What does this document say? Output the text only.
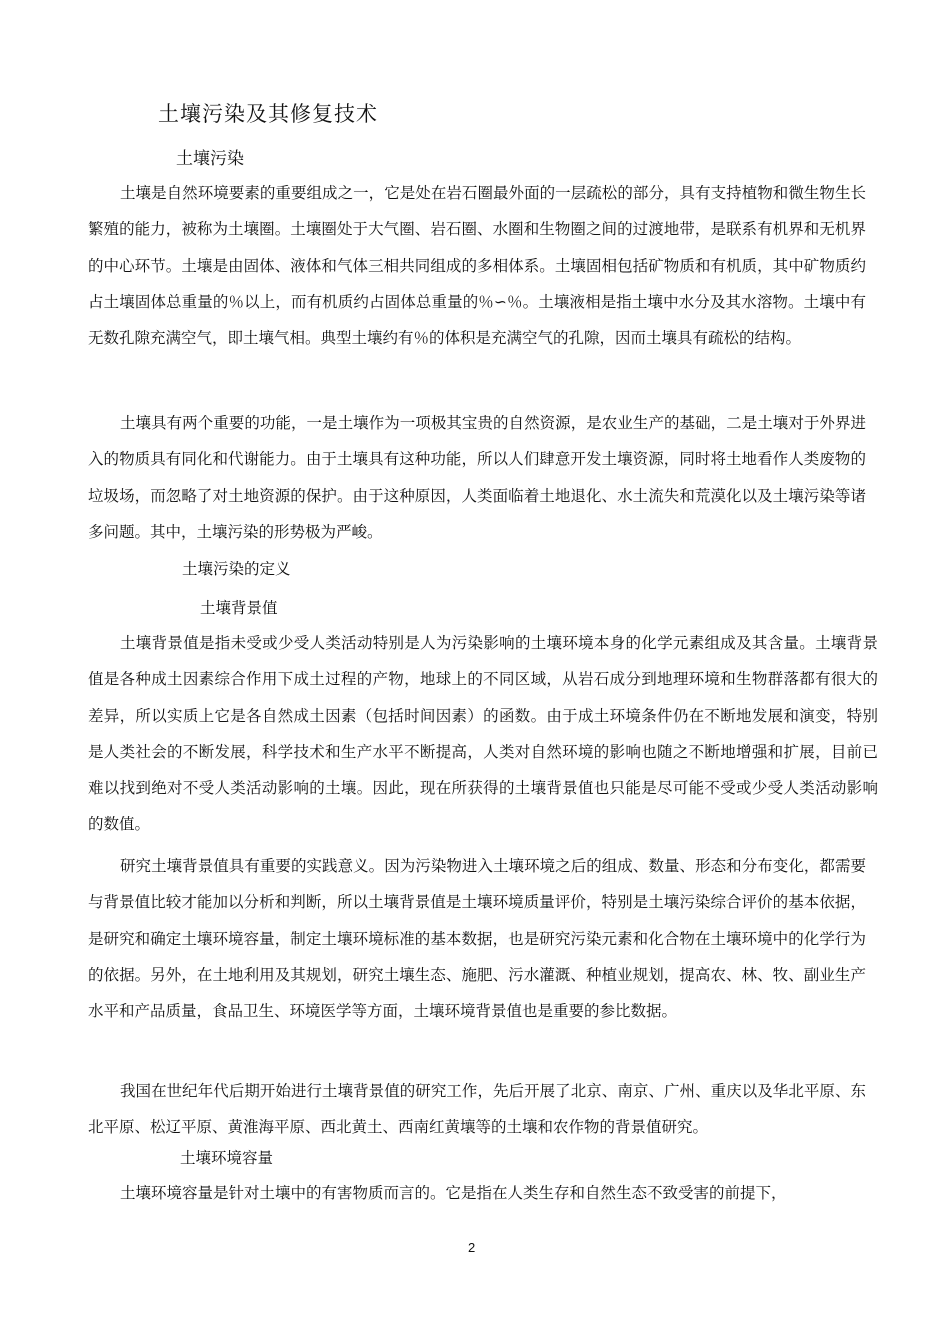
土壤污染及其修复技术
土壤污染

土壤是自然环境要素的重要组成之一，它是处在岩石圈最外面的一层疏松的部分，具有支持植物和微生物生长繁殖的能力，被称为土壤圈。土壤圈处于大气圈、岩石圈、水圈和生物圈之间的过渡地带，是联系有机界和无机界的中心环节。土壤是由固体、液体和气体三相共同组成的多相体系。土壤固相包括矿物质和有机质，其中矿物质约占土壤固体总重量的％以上，而有机质约占固体总重量的％∽％。土壤液相是指土壤中水分及其水溶物。土壤中有无数孔隙充满空气，即土壤气相。典型土壤约有％的体积是充满空气的孔隙，因而土壤具有疏松的结构。

土壤具有两个重要的功能，一是土壤作为一项极其宝贵的自然资源，是农业生产的基础，二是土壤对于外界进入的物质具有同化和代谢能力。由于土壤具有这种功能，所以人们肆意开发土壤资源，同时将土地看作人类废物的垃圾场，而忽略了对土地资源的保护。由于这种原因，人类面临着土地退化、水土流失和荒漠化以及土壤污染等诸多问题。其中，土壤污染的形势极为严峻。

土壤污染的定义
土壤背景值

土壤背景值是指未受或少受人类活动特别是人为污染影响的土壤环境本身的化学元素组成及其含量。土壤背景值是各种成土因素综合作用下成土过程的产物，地球上的不同区域，从岩石成分到地理环境和生物群落都有很大的差异，所以实质上它是各自然成土因素（包括时间因素）的函数。由于成土环境条件仍在不断地发展和演变，特别是人类社会的不断发展，科学技术和生产水平不断提高，人类对自然环境的影响也随之不断地增强和扩展，目前已难以找到绝对不受人类活动影响的土壤。因此，现在所获得的土壤背景值也只能是尽可能不受或少受人类活动影响的数值。

研究土壤背景值具有重要的实践意义。因为污染物进入土壤环境之后的组成、数量、形态和分布变化，都需要与背景值比较才能加以分析和判断，所以土壤背景值是土壤环境质量评价，特别是土壤污染综合评价的基本依据，是研究和确定土壤环境容量，制定土壤环境标准的基本数据，也是研究污染元素和化合物在土壤环境中的化学行为的依据。另外，在土地利用及其规划，研究土壤生态、施肥、污水灌溉、种植业规划，提高农、林、牧、副业生产水平和产品质量，食品卫生、环境医学等方面，土壤环境背景值也是重要的参比数据。

我国在世纪年代后期开始进行土壤背景值的研究工作，先后开展了北京、南京、广州、重庆以及华北平原、东北平原、松辽平原、黄淮海平原、西北黄土、西南红黄壤等的土壤和农作物的背景值研究。

土壤环境容量

土壤环境容量是针对土壤中的有害物质而言的。它是指在人类生存和自然生态不致受害的前提下，

2
